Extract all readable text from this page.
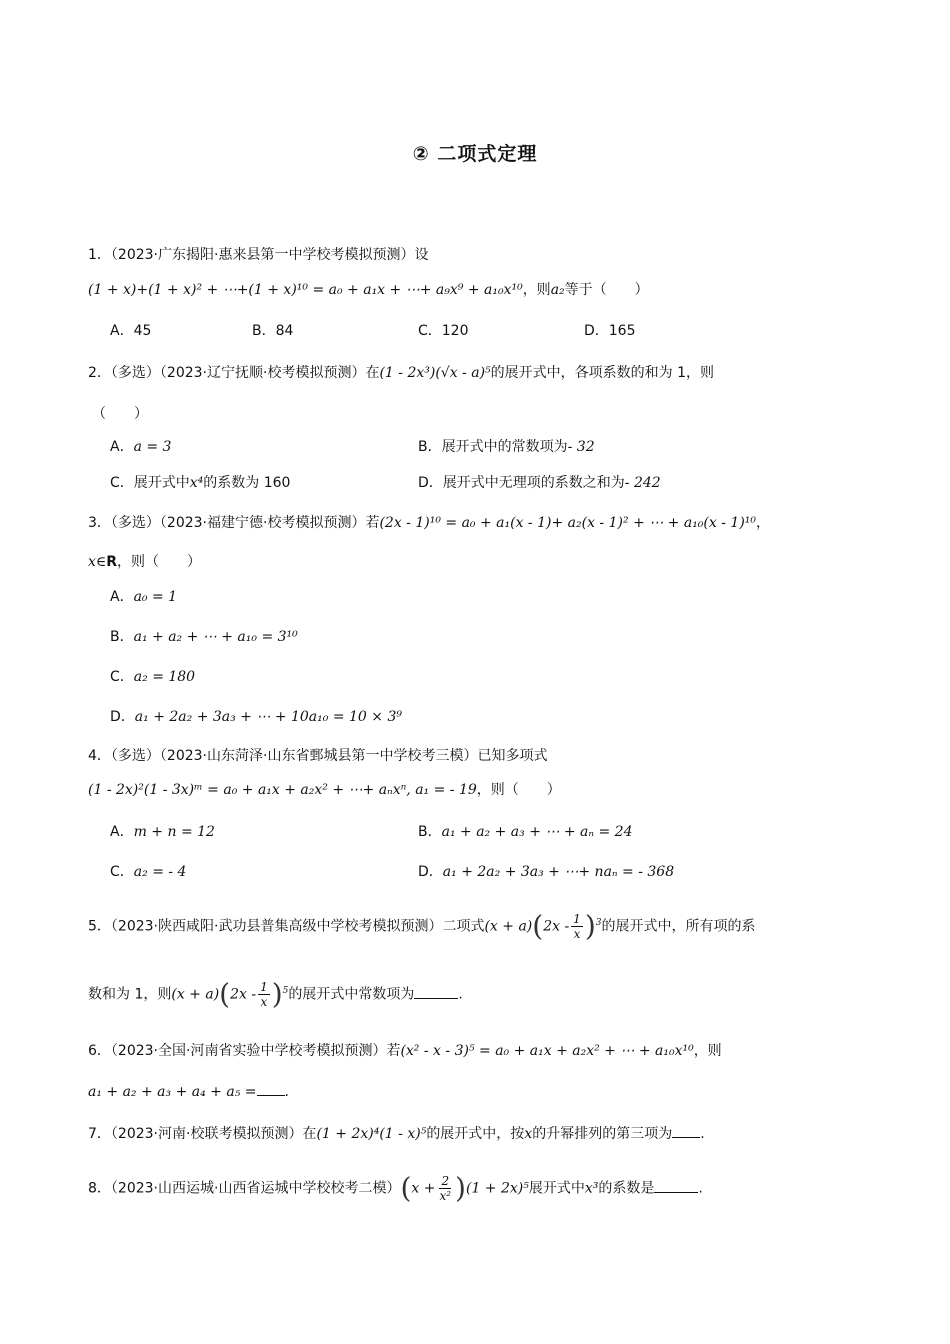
② 二项式定理
1．（2023·广东揭阳·惠来县第一中学校考模拟预测）设
(1 + x)+(1 + x)² + ⋯+(1 + x)¹⁰ = a₀ + a₁x + ⋯+ a₉x⁹ + a₁₀x¹⁰，则a₂等于（　　）
A．45	B．84	C．120	D．165
2．（多选）（2023·辽宁抚顺·校考模拟预测）在(1 - 2x³)(√x - a)⁵的展开式中，各项系数的和为 1，则
（　　）
A．a = 3	B．展开式中的常数项为- 32
C．展开式中x⁴的系数为 160	D．展开式中无理项的系数之和为- 242
3．（多选）（2023·福建宁德·校考模拟预测）若(2x - 1)¹⁰ = a₀ + a₁(x - 1)+ a₂(x - 1)² + ⋯ + a₁₀(x - 1)¹⁰，
x∈R，则（　　）
A．a₀ = 1
B．a₁ + a₂ + ⋯ + a₁₀ = 3¹⁰
C．a₂ = 180
D．a₁ + 2a₂ + 3a₃ + ⋯ + 10a₁₀ = 10 × 3⁹
4．（多选）（2023·山东菏泽·山东省鄄城县第一中学校考三模）已知多项式
(1 - 2x)²(1 - 3x)ᵐ = a₀ + a₁x + a₂x² + ⋯+ aₙxⁿ, a₁ = - 19，则（　　）
A．m + n = 12	B．a₁ + a₂ + a₃ + ⋯ + aₙ = 24
C．a₂ = - 4	D．a₁ + 2a₂ + 3a₃ + ⋯+ naₙ = - 368
5．（2023·陕西咸阳·武功县普集高级中学校考模拟预测）二项式$(x + a)(2x - \frac{1}{x} )^3$的展开式中，所有项的系
数和为 1，则$(x + a)(2x - \frac{1}{x} )^5$的展开式中常数项为	.
6．（2023·全国·河南省实验中学校考模拟预测）若(x² - x - 3)⁵ = a₀ + a₁x + a₂x² + ⋯ + a₁₀x¹⁰，则
a₁ + a₂ + a₃ + a₄ + a₅ = .
7．（2023·河南·校联考模拟预测）在(1 + 2x)⁴(1 - x)⁵的展开式中，按x的升幂排列的第三项为 .
8．（2023·山西运城·山西省运城中学校校考二模）$(x + \frac{2}{\text{x²}} )(1 + 2x)^5$展开式中x³的系数是	.
